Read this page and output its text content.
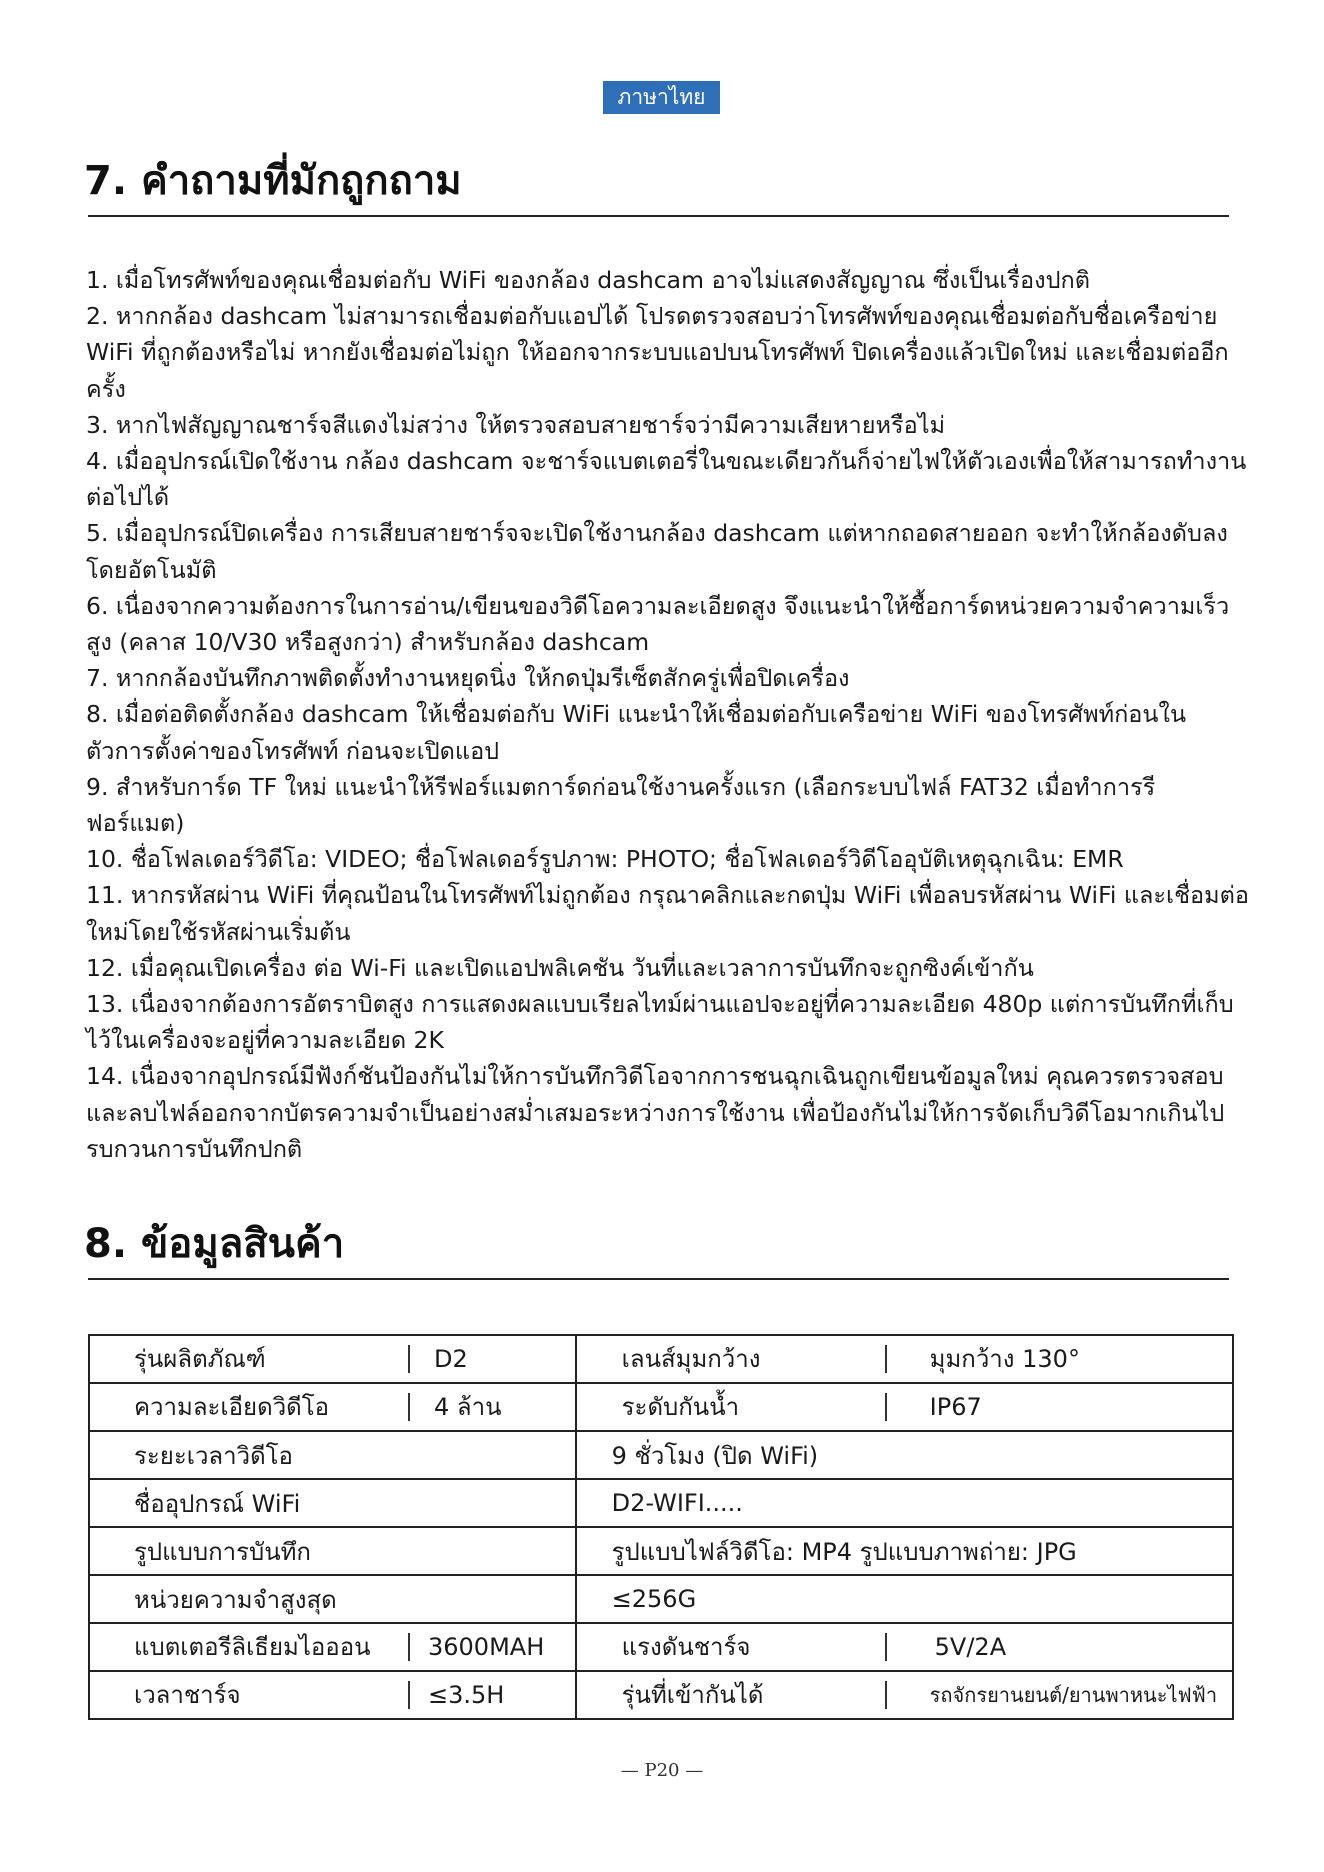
ภาษาไทย
7. คำถามที่มักถูกถาม

1. เมื่อโทรศัพท์ของคุณเชื่อมต่อกับ WiFi ของกล้อง dashcam อาจไม่แสดงสัญญาณ ซึ่งเป็นเรื่องปกติ

2. หากกล้อง dashcam ไม่สามารถเชื่อมต่อกับแอปได้ โปรดตรวจสอบว่าโทรศัพท์ของคุณเชื่อมต่อกับชื่อเครือข่าย WiFi ที่ถูกต้องหรือไม่ หากยังเชื่อมต่อไม่ถูก ให้ออกจากระบบแอปบนโทรศัพท์ ปิดเครื่องแล้วเปิดใหม่ และเชื่อมต่ออีกครั้ง

3. หากไฟสัญญาณชาร์จสีแดงไม่สว่าง ให้ตรวจสอบสายชาร์จว่ามีความเสียหายหรือไม่

4. เมื่ออุปกรณ์เปิดใช้งาน กล้อง dashcam จะชาร์จแบตเตอรี่ในขณะเดียวกันก็จ่ายไฟให้ตัวเองเพื่อให้สามารถทำงานต่อไปได้

5. เมื่ออุปกรณ์ปิดเครื่อง การเสียบสายชาร์จจะเปิดใช้งานกล้อง dashcam แต่หากถอดสายออก จะทำให้กล้องดับลงโดยอัตโนมัติ

6. เนื่องจากความต้องการในการอ่าน/เขียนของวิดีโอความละเอียดสูง จึงแนะนำให้ซื้อการ์ดหน่วยความจำความเร็วสูง (คลาส 10/V30 หรือสูงกว่า) สำหรับกล้อง dashcam

7. หากกล้องบันทึกภาพติดตั้งทำงานหยุดนิ่ง ให้กดปุ่มรีเซ็ตสักครู่เพื่อปิดเครื่อง

8. เมื่อต่อติดตั้งกล้อง dashcam ให้เชื่อมต่อกับ WiFi แนะนำให้เชื่อมต่อกับเครือข่าย WiFi ของโทรศัพท์ก่อนในตัวการตั้งค่าของโทรศัพท์ ก่อนจะเปิดแอป

9. สำหรับการ์ด TF ใหม่ แนะนำให้รีฟอร์แมตการ์ดก่อนใช้งานครั้งแรก (เลือกระบบไฟล์ FAT32 เมื่อทำการรีฟอร์แมต)

10. ชื่อโฟลเดอร์วิดีโอ: VIDEO; ชื่อโฟลเดอร์รูปภาพ: PHOTO; ชื่อโฟลเดอร์วิดีโออุบัติเหตุฉุกเฉิน: EMR

11. หากรหัสผ่าน WiFi ที่คุณป้อนในโทรศัพท์ไม่ถูกต้อง กรุณาคลิกและกดปุ่ม WiFi เพื่อลบรหัสผ่าน WiFi และเชื่อมต่อใหม่โดยใช้รหัสผ่านเริ่มต้น

12. เมื่อคุณเปิดเครื่อง ต่อ Wi-Fi และเปิดแอปพลิเคชัน วันที่และเวลาการบันทึกจะถูกซิงค์เข้ากัน

13. เนื่องจากต้องการอัตราบิตสูง การแสดงผลแบบเรียลไทม์ผ่านแอปจะอยู่ที่ความละเอียด 480p แต่การบันทึกที่เก็บไว้ในเครื่องจะอยู่ที่ความละเอียด 2K

14. เนื่องจากอุปกรณ์มีฟังก์ชันป้องกันไม่ให้การบันทึกวิดีโอจากการชนฉุกเฉินถูกเขียนข้อมูลใหม่ คุณควรตรวจสอบและลบไฟล์ออกจากบัตรความจำเป็นอย่างสม่ำเสมอระหว่างการใช้งาน เพื่อป้องกันไม่ให้การจัดเก็บวิดีโอมากเกินไปรบกวนการบันทึกปกติ

8. ข้อมูลสินค้า
รุ่นผลิตภัณฑ์ D2	เลนส์มุมกว้าง มุมกว้าง 130°

ความละเอียดวิดีโอ 4 ล้าน	ระดับกันน้ำ IP67

ระยะเวลาวิดีโอ	9 ชั่วโมง (ปิด WiFi)
ชื่ออุปกรณ์ WiFi	D2-WIFI.....
รูปแบบการบันทึก	รูปแบบไฟล์วิดีโอ: MP4 รูปแบบภาพถ่าย: JPG
หน่วยความจำสูงสุด	≤256G

แบตเตอรีลิเธียมไอออน 3600MAH	แรงดันชาร์จ 5V/2A

เวลาชาร์จ ≤3.5H	รุ่นที่เข้ากันได้ รถจักรยานยนต์/ยานพาหนะไฟฟ้า
— P20 —
